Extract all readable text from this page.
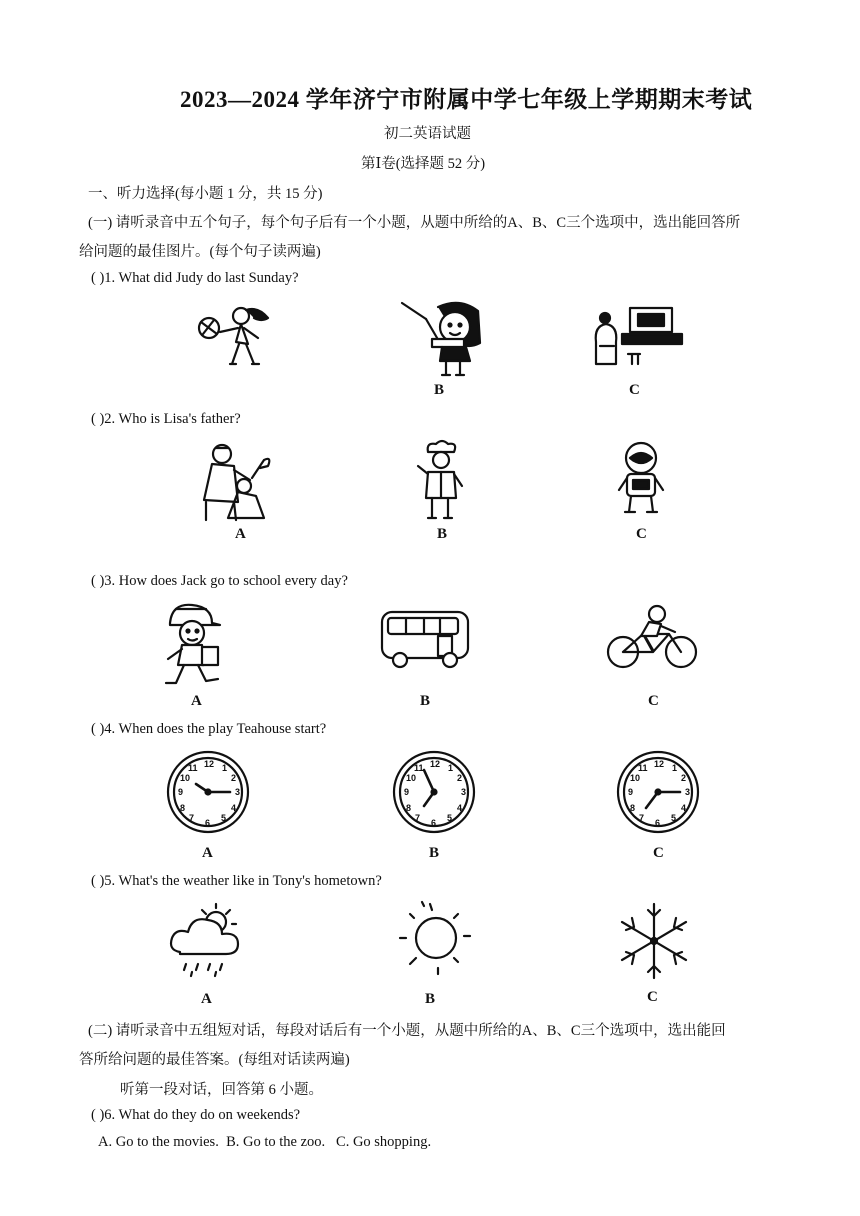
2023—2024 学年济宁市附属中学七年级上学期期末考试
初二英语试题
第Ⅰ卷(选择题 52 分)
一、听力选择(每小题 1 分，共 15 分)
(一) 请听录音中五个句子，每个句子后有一个小题，从题中所给的A、B、C三个选项中，选出能回答所
给问题的最佳图片。(每个句子读两遍)
( )1. What did Judy do last Sunday?
B	C
( )2. Who is Lisa's father?
A	B	C
( )3. How does Jack go to school every day?
A	B	C
( )4. When does the play Teahouse start?
12
3
6
9
1
2
4
5
7
8
10
11
A
12
3
6
9
1
2
4
5
7
8
10
11
B
12
3
6
9
1
2
4
5
7
8
10
11
C
( )5. What's the weather like in Tony's hometown?
A	B	C
(二) 请听录音中五组短对话，每段对话后有一个小题，从题中所给的A、B、C三个选项中，选出能回
答所给问题的最佳答案。(每组对话读两遍)
听第一段对话，回答第 6 小题。
( )6. What do they do on weekends?
A. Go to the movies.  B. Go to the zoo.   C. Go shopping.
